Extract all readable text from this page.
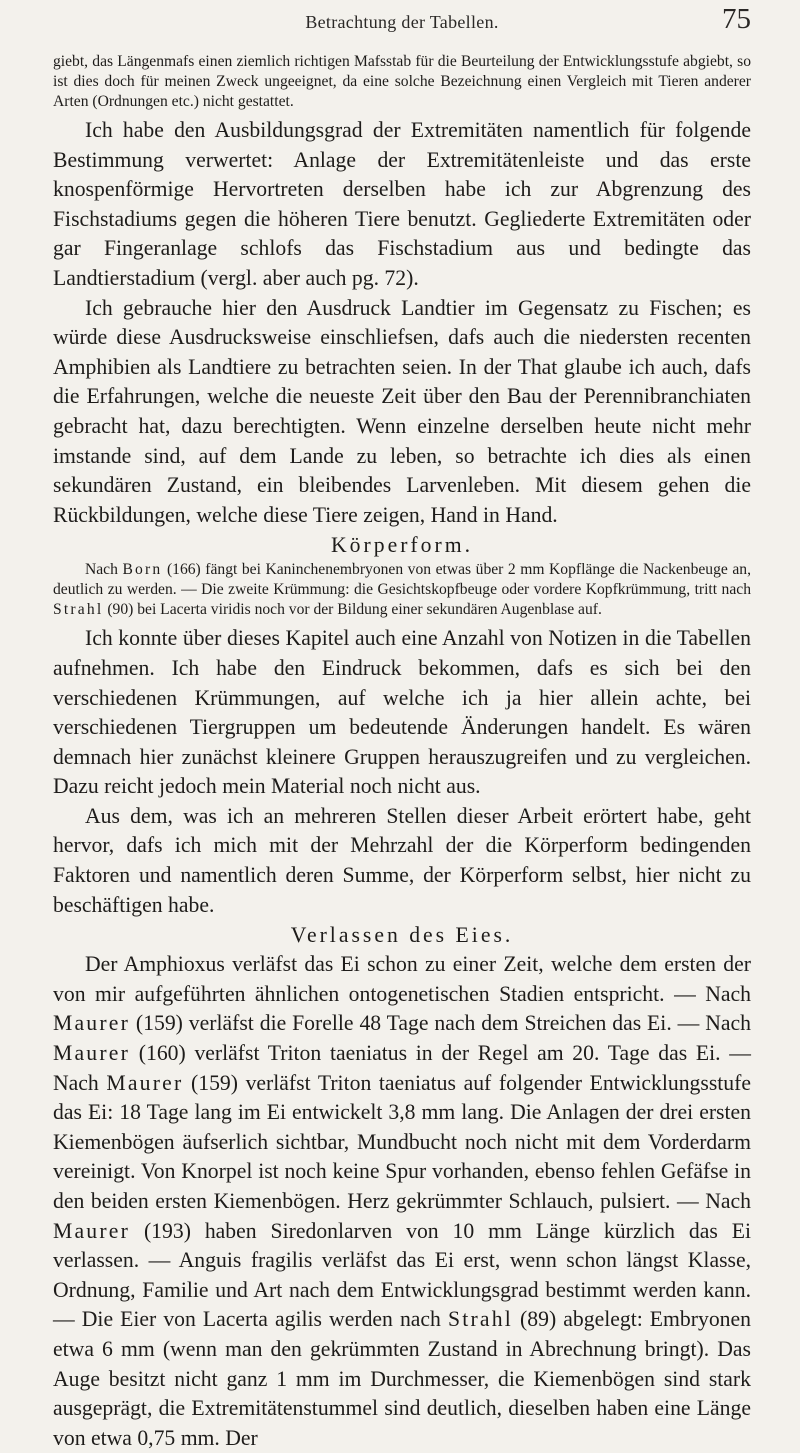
Betrachtung der Tabellen.	75

giebt, das Längenmafs einen ziemlich richtigen Mafsstab für die Beurteilung der Entwicklungsstufe abgiebt, so ist dies doch für meinen Zweck ungeeignet, da eine solche Bezeichnung einen Vergleich mit Tieren anderer Arten (Ordnungen etc.) nicht gestattet.

Ich habe den Ausbildungsgrad der Extremitäten namentlich für folgende Bestimmung verwertet: Anlage der Extremitätenleiste und das erste knospenförmige Hervortreten derselben habe ich zur Abgrenzung des Fischstadiums gegen die höheren Tiere benutzt. Gegliederte Extremitäten oder gar Fingeranlage schlofs das Fischstadium aus und bedingte das Landtierstadium (vergl. aber auch pg. 72).

Ich gebrauche hier den Ausdruck Landtier im Gegensatz zu Fischen; es würde diese Ausdrucksweise einschliefsen, dafs auch die niedersten recenten Amphibien als Landtiere zu betrachten seien. In der That glaube ich auch, dafs die Erfahrungen, welche die neueste Zeit über den Bau der Perennibranchiaten gebracht hat, dazu berechtigten. Wenn einzelne derselben heute nicht mehr imstande sind, auf dem Lande zu leben, so betrachte ich dies als einen sekundären Zustand, ein bleibendes Larvenleben. Mit diesem gehen die Rückbildungen, welche diese Tiere zeigen, Hand in Hand.

Körperform.

Nach Born (166) fängt bei Kaninchenembryonen von etwas über 2 mm Kopflänge die Nackenbeuge an, deutlich zu werden. — Die zweite Krümmung: die Gesichtskopfbeuge oder vordere Kopfkrümmung, tritt nach Strahl (90) bei Lacerta viridis noch vor der Bildung einer sekundären Augenblase auf.

Ich konnte über dieses Kapitel auch eine Anzahl von Notizen in die Tabellen aufnehmen. Ich habe den Eindruck bekommen, dafs es sich bei den verschiedenen Krümmungen, auf welche ich ja hier allein achte, bei verschiedenen Tiergruppen um bedeutende Änderungen handelt. Es wären demnach hier zunächst kleinere Gruppen herauszugreifen und zu vergleichen. Dazu reicht jedoch mein Material noch nicht aus.

Aus dem, was ich an mehreren Stellen dieser Arbeit erörtert habe, geht hervor, dafs ich mich mit der Mehrzahl der die Körperform bedingenden Faktoren und namentlich deren Summe, der Körperform selbst, hier nicht zu beschäftigen habe.

Verlassen des Eies.

Der Amphioxus verläfst das Ei schon zu einer Zeit, welche dem ersten der von mir aufgeführten ähnlichen ontogenetischen Stadien entspricht. — Nach Maurer (159) verläfst die Forelle 48 Tage nach dem Streichen das Ei. — Nach Maurer (160) verläfst Triton taeniatus in der Regel am 20. Tage das Ei. — Nach Maurer (159) verläfst Triton taeniatus auf folgender Entwicklungsstufe das Ei: 18 Tage lang im Ei entwickelt 3,8 mm lang. Die Anlagen der drei ersten Kiemenbögen äufserlich sichtbar, Mundbucht noch nicht mit dem Vorderdarm vereinigt. Von Knorpel ist noch keine Spur vorhanden, ebenso fehlen Gefäfse in den beiden ersten Kiemenbögen. Herz gekrümmter Schlauch, pulsiert. — Nach Maurer (193) haben Siredonlarven von 10 mm Länge kürzlich das Ei verlassen. — Anguis fragilis verläfst das Ei erst, wenn schon längst Klasse, Ordnung, Familie und Art nach dem Entwicklungsgrad bestimmt werden kann. — Die Eier von Lacerta agilis werden nach Strahl (89) abgelegt: Embryonen etwa 6 mm (wenn man den gekrümmten Zustand in Abrechnung bringt). Das Auge besitzt nicht ganz 1 mm im Durchmesser, die Kiemenbögen sind stark ausgeprägt, die Extremitätenstummel sind deutlich, dieselben haben eine Länge von etwa 0,75 mm. Der
